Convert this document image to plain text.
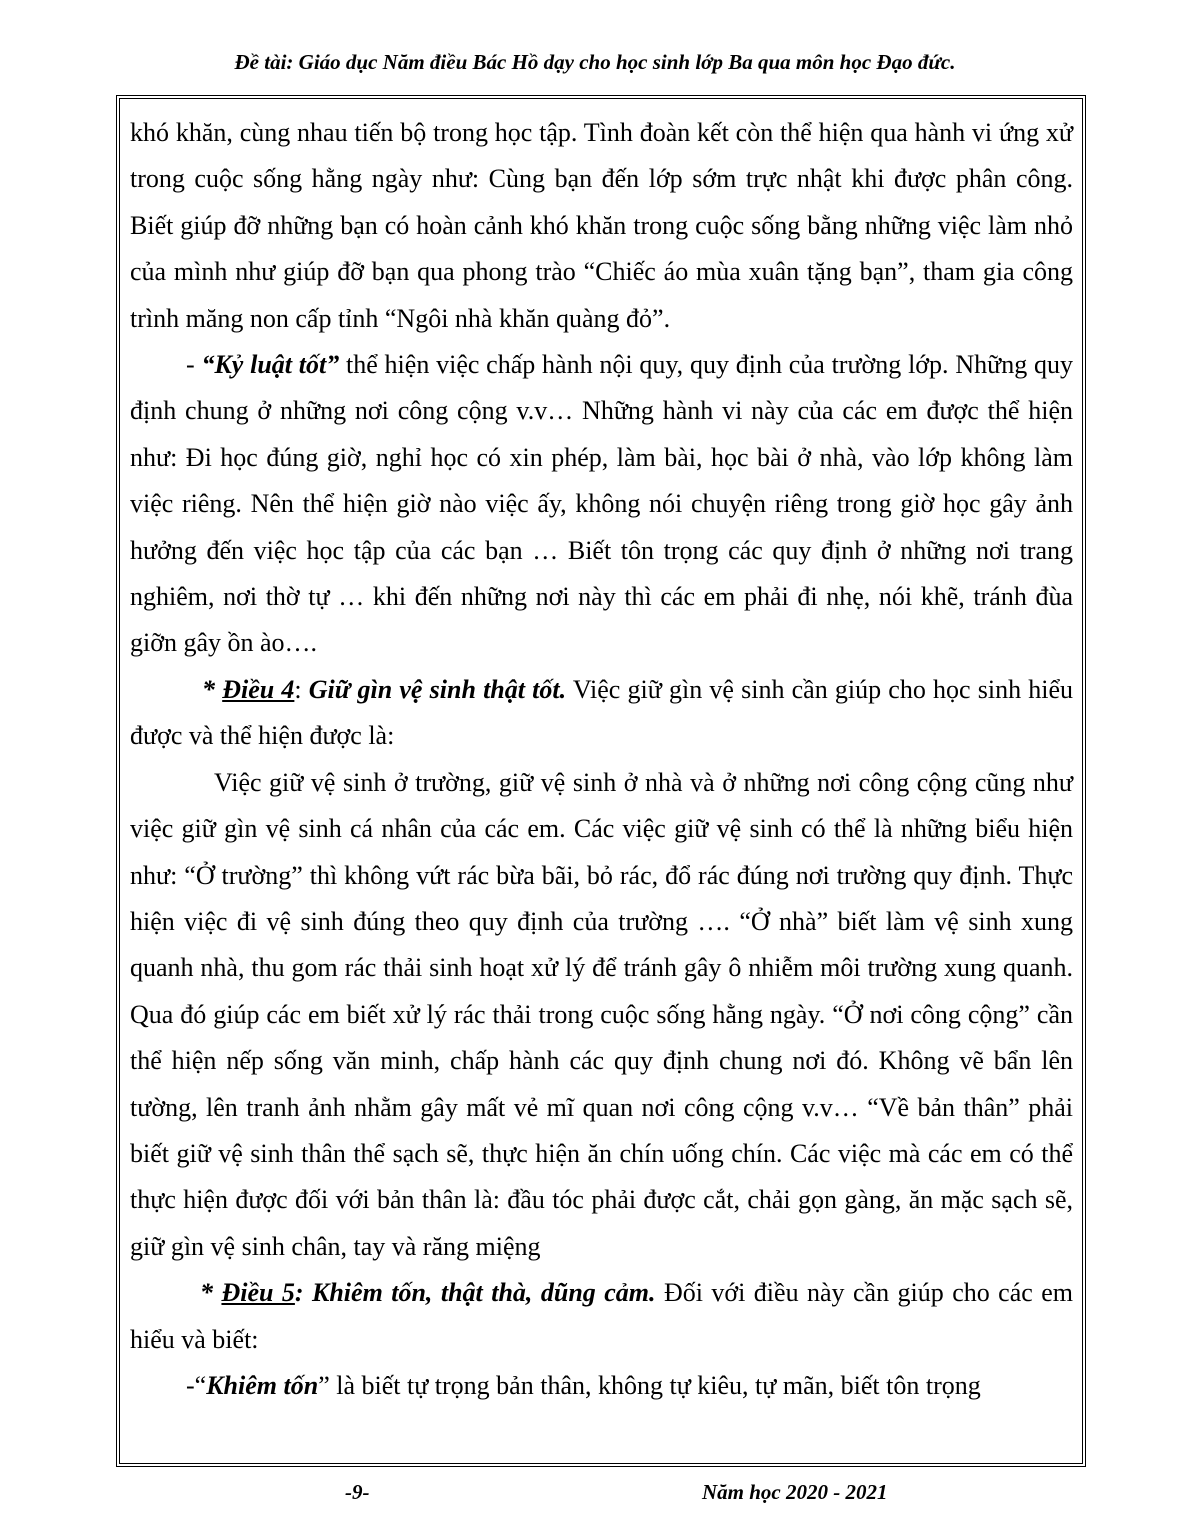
Đề tài: Giáo dục Năm điều Bác Hồ dạy cho học sinh lớp Ba qua môn học Đạo đức.

khó khăn, cùng nhau tiến bộ trong học tập. Tình đoàn kết còn thể hiện qua hành vi ứng xử trong cuộc sống hằng ngày như: Cùng bạn đến lớp sớm trực nhật khi được phân công. Biết giúp đỡ những bạn có hoàn cảnh khó khăn trong cuộc sống bằng những việc làm nhỏ của mình như giúp đỡ bạn qua phong trào “Chiếc áo mùa xuân tặng bạn”, tham gia công trình măng non cấp tỉnh “Ngôi nhà khăn quàng đỏ”.

- “Kỷ luật tốt” thể hiện việc chấp hành nội quy, quy định của trường lớp. Những quy định chung ở những nơi công cộng v.v… Những hành vi này của các em được thể hiện như: Đi học đúng giờ, nghỉ học có xin phép, làm bài, học bài ở nhà, vào lớp không làm việc riêng. Nên thể hiện giờ nào việc ấy, không nói chuyện riêng trong giờ học gây ảnh hưởng đến việc học tập của các bạn … Biết tôn trọng các quy định ở những nơi trang nghiêm, nơi thờ tự … khi đến những nơi này thì các em phải đi nhẹ, nói khẽ, tránh đùa giỡn gây ồn ào….

* Điều 4: Giữ gìn vệ sinh thật tốt. Việc giữ gìn vệ sinh cần giúp cho học sinh hiểu được và thể hiện được là:

Việc giữ vệ sinh ở trường, giữ vệ sinh ở nhà và ở những nơi công cộng cũng như việc giữ gìn vệ sinh cá nhân của các em. Các việc giữ vệ sinh có thể là những biểu hiện như: “Ở trường” thì không vứt rác bừa bãi, bỏ rác, đổ rác đúng nơi trường quy định. Thực hiện việc đi vệ sinh đúng theo quy định của trường …. “Ở nhà” biết làm vệ sinh xung quanh nhà, thu gom rác thải sinh hoạt xử lý để tránh gây ô nhiễm môi trường xung quanh. Qua đó giúp các em biết xử lý rác thải trong cuộc sống hằng ngày. “Ở nơi công cộng” cần thể hiện nếp sống văn minh, chấp hành các quy định chung nơi đó. Không vẽ bẩn lên tường, lên tranh ảnh nhằm gây mất vẻ mĩ quan nơi công cộng v.v… “Về bản thân” phải biết giữ vệ sinh thân thể sạch sẽ, thực hiện ăn chín uống chín. Các việc mà các em có thể thực hiện được đối với bản thân là: đầu tóc phải được cắt, chải gọn gàng, ăn mặc sạch sẽ, giữ gìn vệ sinh chân, tay và răng miệng

* Điều 5: Khiêm tốn, thật thà, dũng cảm. Đối với điều này cần giúp cho các em hiểu và biết:

-“Khiêm tốn” là biết tự trọng bản thân, không tự kiêu, tự mãn, biết tôn trọng

-9-	Năm học 2020 - 2021
